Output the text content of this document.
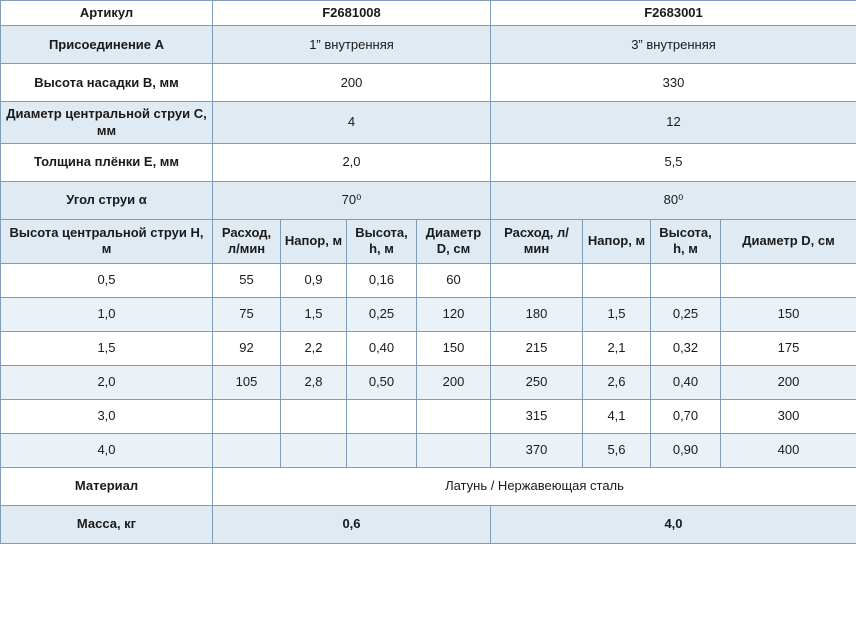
Артикул	F2681008				F2683001			
Присоединение A	1” внутренняя				3” внутренняя			
Высота насадки B, мм	200				330			
Диаметр центральной струи C, мм	4				12			
Толщина плёнки E, мм	2,0				5,5			
Угол струи α	70⁰				80⁰			
Высота центральной струи H, м	Расход, л/мин	Напор, м	Высота, h, м	Диаметр D, см	Расход, л/мин	Напор, м	Высота, h, м	Диаметр D, см
0,5	55	0,9	0,16	60				
1,0	75	1,5	0,25	120	180	1,5	0,25	150
1,5	92	2,2	0,40	150	215	2,1	0,32	175
2,0	105	2,8	0,50	200	250	2,6	0,40	200
3,0					315	4,1	0,70	300
4,0					370	5,6	0,90	400
Материал	Латунь / Нержавеющая сталь							
Масса, кг	0,6				4,0			
